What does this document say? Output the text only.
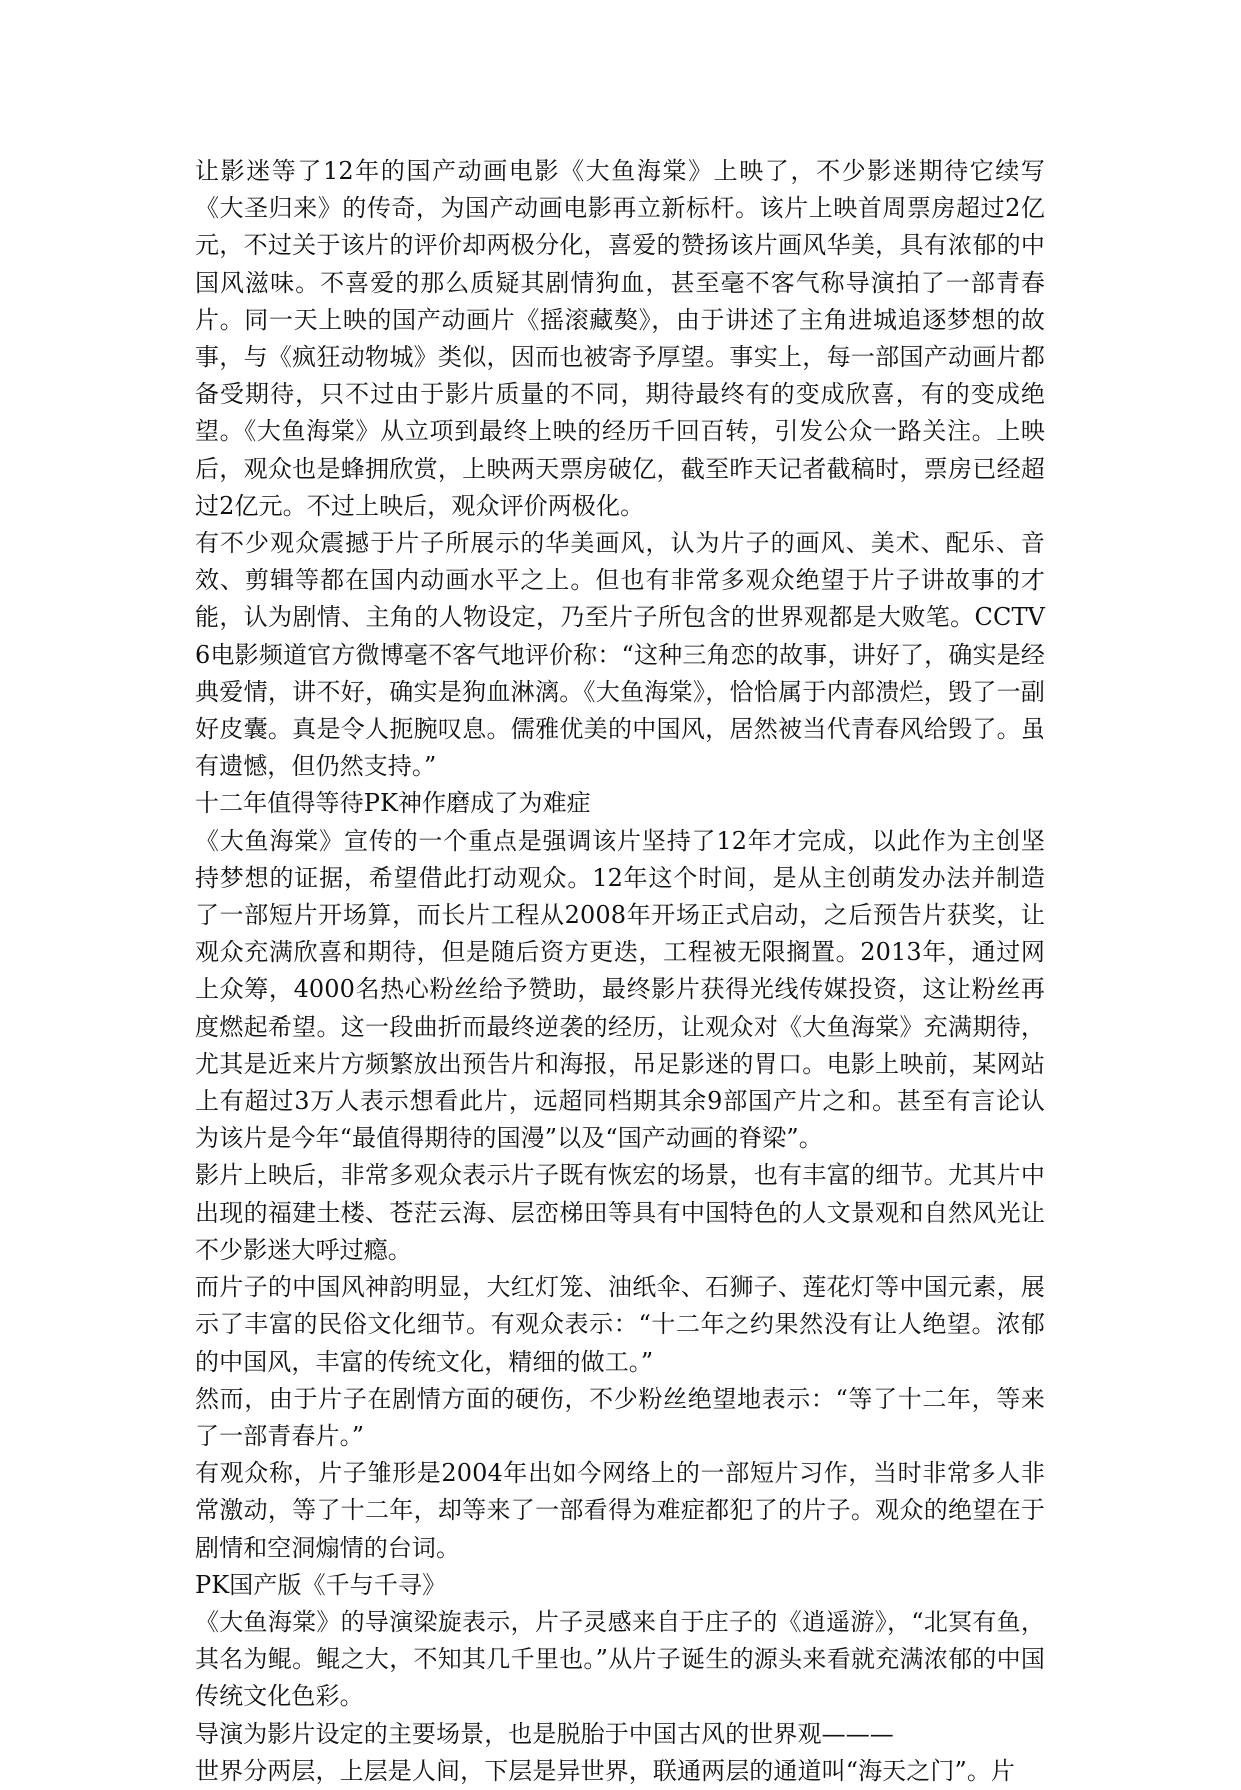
让影迷等了12年的国产动画电影《大鱼海棠》上映了，不少影迷期待它续写《大圣归来》的传奇，为国产动画电影再立新标杆。该片上映首周票房超过2亿元，不过关于该片的评价却两极分化，喜爱的赞扬该片画风华美，具有浓郁的中国风滋味。不喜爱的那么质疑其剧情狗血，甚至毫不客气称导演拍了一部青春片。同一天上映的国产动画片《摇滚藏獒》，由于讲述了主角进城追逐梦想的故事，与《疯狂动物城》类似，因而也被寄予厚望。事实上，每一部国产动画片都备受期待，只不过由于影片质量的不同，期待最终有的变成欣喜，有的变成绝望。《大鱼海棠》从立项到最终上映的经历千回百转，引发公众一路关注。上映后，观众也是蜂拥欣赏，上映两天票房破亿，截至昨天记者截稿时，票房已经超过2亿元。不过上映后，观众评价两极化。

有不少观众震撼于片子所展示的华美画风，认为片子的画风、美术、配乐、音效、剪辑等都在国内动画水平之上。但也有非常多观众绝望于片子讲故事的才能，认为剧情、主角的人物设定，乃至片子所包含的世界观都是大败笔。CCTV6电影频道官方微博毫不客气地评价称：“这种三角恋的故事，讲好了，确实是经典爱情，讲不好，确实是狗血淋漓。《大鱼海棠》，恰恰属于内部溃烂，毁了一副好皮囊。真是令人扼腕叹息。儒雅优美的中国风，居然被当代青春风给毁了。虽有遗憾，但仍然支持。”

十二年值得等待PK神作磨成了为难症

《大鱼海棠》宣传的一个重点是强调该片坚持了12年才完成，以此作为主创坚持梦想的证据，希望借此打动观众。12年这个时间，是从主创萌发办法并制造了一部短片开场算，而长片工程从2008年开场正式启动，之后预告片获奖，让观众充满欣喜和期待，但是随后资方更迭，工程被无限搁置。2013年，通过网上众筹，4000名热心粉丝给予赞助，最终影片获得光线传媒投资，这让粉丝再度燃起希望。这一段曲折而最终逆袭的经历，让观众对《大鱼海棠》充满期待，尤其是近来片方频繁放出预告片和海报，吊足影迷的胃口。电影上映前，某网站上有超过3万人表示想看此片，远超同档期其余9部国产片之和。甚至有言论认为该片是今年“最值得期待的国漫”以及“国产动画的脊梁”。

影片上映后，非常多观众表示片子既有恢宏的场景，也有丰富的细节。尤其片中出现的福建土楼、苍茫云海、层峦梯田等具有中国特色的人文景观和自然风光让不少影迷大呼过瘾。

而片子的中国风神韵明显，大红灯笼、油纸伞、石狮子、莲花灯等中国元素，展示了丰富的民俗文化细节。有观众表示：“十二年之约果然没有让人绝望。浓郁的中国风，丰富的传统文化，精细的做工。”

然而，由于片子在剧情方面的硬伤，不少粉丝绝望地表示：“等了十二年，等来了一部青春片。”

有观众称，片子雏形是2004年出如今网络上的一部短片习作，当时非常多人非常激动，等了十二年，却等来了一部看得为难症都犯了的片子。观众的绝望在于剧情和空洞煽情的台词。

PK国产版《千与千寻》

《大鱼海棠》的导演梁旋表示，片子灵感来自于庄子的《逍遥游》，“北冥有鱼，其名为鲲。鲲之大，不知其几千里也。”从片子诞生的源头来看就充满浓郁的中国传统文化色彩。

导演为影片设定的主要场景，也是脱胎于中国古风的世界观———

世界分两层，上层是人间，下层是异世界，联通两层的通道叫“海天之门”。片
